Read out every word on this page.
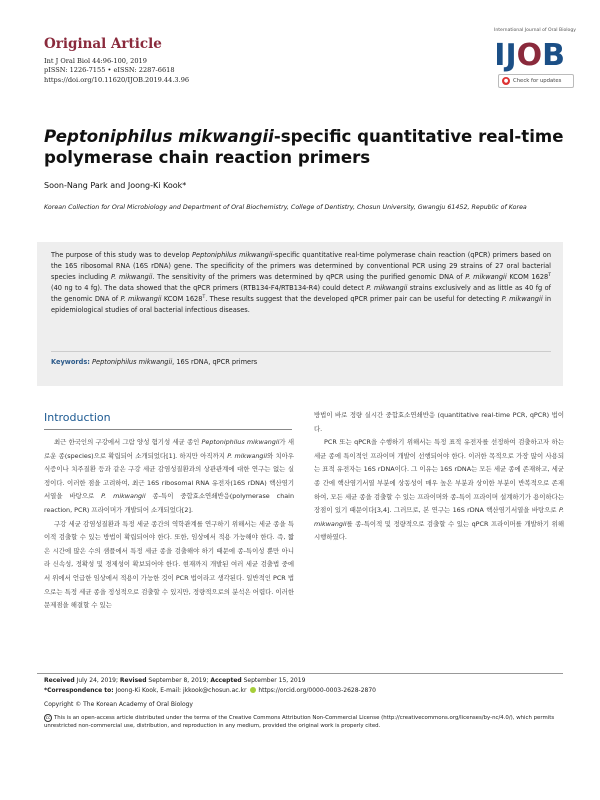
Original Article
Int J Oral Biol 44:96-100, 2019
pISSN: 1226-7155 • eISSN: 2287-6618
https://doi.org/10.11620/IJOB.2019.44.3.96
International Journal of Oral Biology
IJOB
● Check for updates
Peptoniphilus mikwangii-specific quantitative real-time
polymerase chain reaction primers
Soon-Nang Park and Joong-Ki Kook*
Korean Collection for Oral Microbiology and Department of Oral Biochemistry, College of Dentistry, Chosun University, Gwangju 61452, Republic of Korea
The purpose of this study was to develop Peptoniphilus mikwangii-specific quantitative real-time polymerase chain reaction (qPCR) primers based on the 16S ribosomal RNA (16S rDNA) gene. The specificity of the primers was determined by conventional PCR using 29 strains of 27 oral bacterial species including P. mikwangii. The sensitivity of the primers was determined by qPCR using the purified genomic DNA of P. mikwangii KCOM $1628^T$ (40 ng to 4 fg). The data showed that the qPCR primers (RTB134-F4/RTB134-R4) could detect P. mikwangii strains exclusively and as little as 40 fg of the genomic DNA of P. mikwangii KCOM $1628^T$. These results suggest that the developed qPCR primer pair can be useful for detecting P. mikwangii in epidemiological studies of oral bacterial infectious diseases.
Keywords: Peptoniphilus mikwangii, 16S rDNA, qPCR primers
Introduction

최근 한국인의 구강에서 그람 양성 혐기성 세균 종인 Peptoniphilus mikwangii가 새로운 종(species)으로 확립되어 소개되었다[1]. 하지만 아직까지 P. mikwangii와 치아우식증이나 치주질환 등과 같은 구강 세균 감염성질환과의 상관관계에 대한 연구는 없는 실정이다. 이러한 점을 고려하여, 최근 16S ribosomal RNA 유전자(16S rDNA) 핵산염기서열을 바탕으로 P. mikwangii 종-특이 중합효소연쇄반응(polymerase chain reaction, PCR) 프라이머가 개발되어 소개되었다[2].

구강 세균 감염성질환과 특정 세균 종간의 역학관계를 연구하기 위해서는 세균 종을 특이적 검출할 수 있는 방법이 확립되어야 한다. 또한, 임상에서 적용 가능해야 한다. 즉, 짧은 시간에 많은 수의 샘플에서 특정 세균 종을 검출해야 하기 때문에 종-특이성 뿐만 아니라 신속성, 정확성 및 경제성이 확보되어야 한다. 현재까지 개발된 여러 세균 검출법 중에서 위에서 언급한 임상에서 적용이 가능한 것이 PCR 법이라고 생각된다. 일반적인 PCR 법으로는 특정 세균 종을 정성적으로 검출할 수 있지만, 정량적으로의 분석은 어렵다. 이러한 문제점을 해결할 수 있는

방법이 바로 정량 실시간 중합효소연쇄반응 (quantitative real-time PCR, qPCR) 법이다.

PCR 또는 qPCR을 수행하기 위해서는 특정 표적 유전자를 선정하여 검출하고자 하는 세균 종에 특이적인 프라이머 개발이 선행되어야 한다. 이러한 목적으로 가장 많이 사용되는 표적 유전자는 16S rDNA이다. 그 이유는 16S rDNA는 모든 세균 종에 존재하고, 세균 종 간에 핵산염기서열 부분에 상동성이 매우 높은 부분과 상이한 부분이 반복적으로 존재하여, 모든 세균 종을 검출할 수 있는 프라이머와 종-특이 프라이머 설계하기가 용이하다는 장점이 있기 때문이다[3,4]. 그러므로, 본 연구는 16S rDNA 핵산염기서열을 바탕으로 P. mikwangii를 종-특이적 및 정량적으로 검출할 수 있는 qPCR 프라이머를 개발하기 위해 시행하였다.

Received July 24, 2019; Revised September 8, 2019; Accepted September 15, 2019
*Correspondence to: Joong-Ki Kook, E-mail: jkkook@chosun.ac.kr https://orcid.org/0000-0003-2628-2870
Copyright © The Korean Academy of Oral Biology
cc This is an open-access article distributed under the terms of the Creative Commons Attribution Non-Commercial License (http://creativecommons.org/licenses/by-nc/4.0/), which permits unrestricted non-commercial use, distribution, and reproduction in any medium, provided the original work is properly cited.
